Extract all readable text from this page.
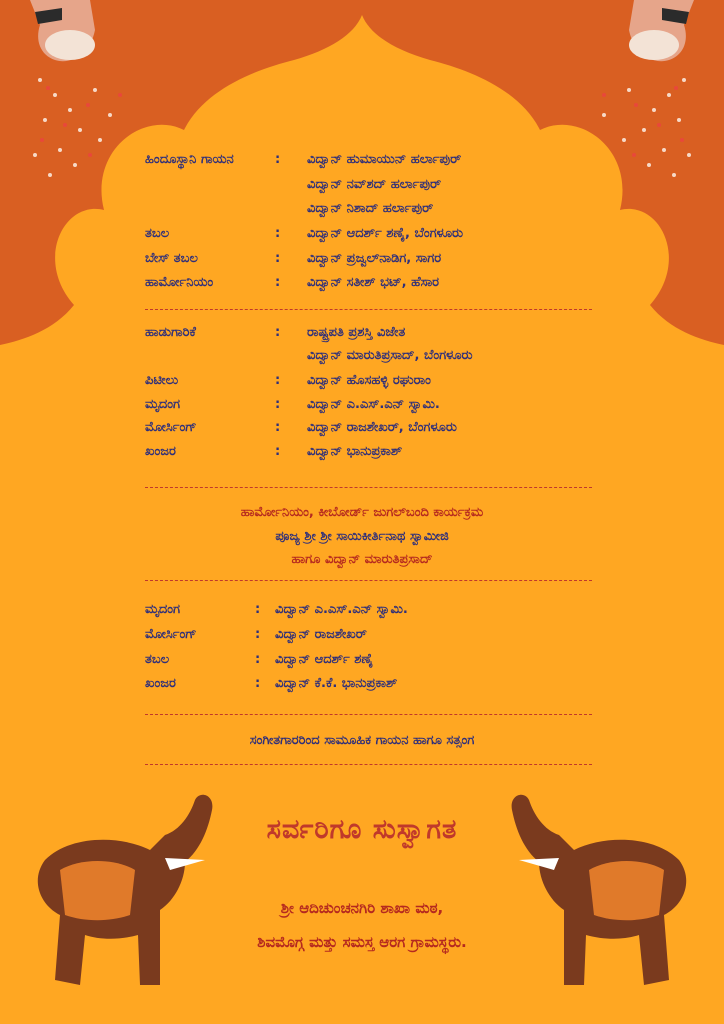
ಹಿಂದೂಸ್ಥಾನಿ ಗಾಯನ	: ವಿದ್ವಾನ್ ಹುಮಾಯುನ್ ಹರ್ಲಾಪುರ್
ವಿದ್ವಾನ್ ನವ್‌ಶದ್ ಹರ್ಲಾಪುರ್
ವಿದ್ವಾನ್ ನಿಶಾದ್ ಹರ್ಲಾಪುರ್
ತಬಲ	: ವಿದ್ವಾನ್ ಆದರ್ಶ್ ಶಣೈ, ಬೆಂಗಳೂರು
ಬೇಸ್ ತಬಲ	: ವಿದ್ವಾನ್ ಪ್ರಜ್ವಲ್‌ನಾಡಿಗ, ಸಾಗರ
ಹಾರ್ಮೋನಿಯಂ	: ವಿದ್ವಾನ್ ಸತೀಶ್ ಭಟ್, ಹೆಸಾರ
ಹಾಡುಗಾರಿಕೆ	: ರಾಷ್ಟ್ರಪತಿ ಪ್ರಶಸ್ತಿ ವಿಜೇತ
ವಿದ್ವಾನ್ ಮಾರುತಿಪ್ರಸಾದ್, ಬೆಂಗಳೂರು
ಪಿಟೀಲು	: ವಿದ್ವಾನ್ ಹೊಸಹಳ್ಳಿ ರಘುರಾಂ
ಮೃದಂಗ	: ವಿದ್ವಾನ್ ಎ.ಎಸ್.ಎನ್ ಸ್ವಾಮಿ.
ಮೋರ್ಸಿಂಗ್	: ವಿದ್ವಾನ್ ರಾಜಶೇಖರ್, ಬೆಂಗಳೂರು
ಖಂಜರ	: ವಿದ್ವಾನ್ ಭಾನುಪ್ರಕಾಶ್
ಹಾರ್ಮೋನಿಯಂ, ಕೀಬೋರ್ಡ್ ಜುಗಲ್‌ಬಂದಿ ಕಾರ್ಯಕ್ರಮ
ಪೂಜ್ಯ ಶ್ರೀ ಶ್ರೀ ಸಾಯಿಕೀರ್ತಿನಾಥ ಸ್ವಾಮೀಜಿ
ಹಾಗೂ ವಿದ್ವಾನ್ ಮಾರುತಿಪ್ರಸಾದ್
ಮೃದಂಗ	: ವಿದ್ವಾನ್ ಎ.ಎಸ್.ಎನ್ ಸ್ವಾಮಿ.
ಮೋರ್ಸಿಂಗ್	: ವಿದ್ವಾನ್ ರಾಜಶೇಖರ್
ತಬಲ	: ವಿದ್ವಾನ್ ಆದರ್ಶ್ ಶಣೈ
ಖಂಜರ	: ವಿದ್ವಾನ್ ಕೆ.ಕೆ. ಭಾನುಪ್ರಕಾಶ್
ಸಂಗೀತಗಾರರಿಂದ ಸಾಮೂಹಿಕ ಗಾಯನ ಹಾಗೂ ಸತ್ಸಂಗ
ಸರ್ವರಿಗೂ ಸುಸ್ವಾಗತ
ಶ್ರೀ ಆದಿಚುಂಚನಗಿರಿ ಶಾಖಾ ಮಠ,
ಶಿವಮೊಗ್ಗ ಮತ್ತು ಸಮಸ್ತ ಆರಗ ಗ್ರಾಮಸ್ಥರು.
